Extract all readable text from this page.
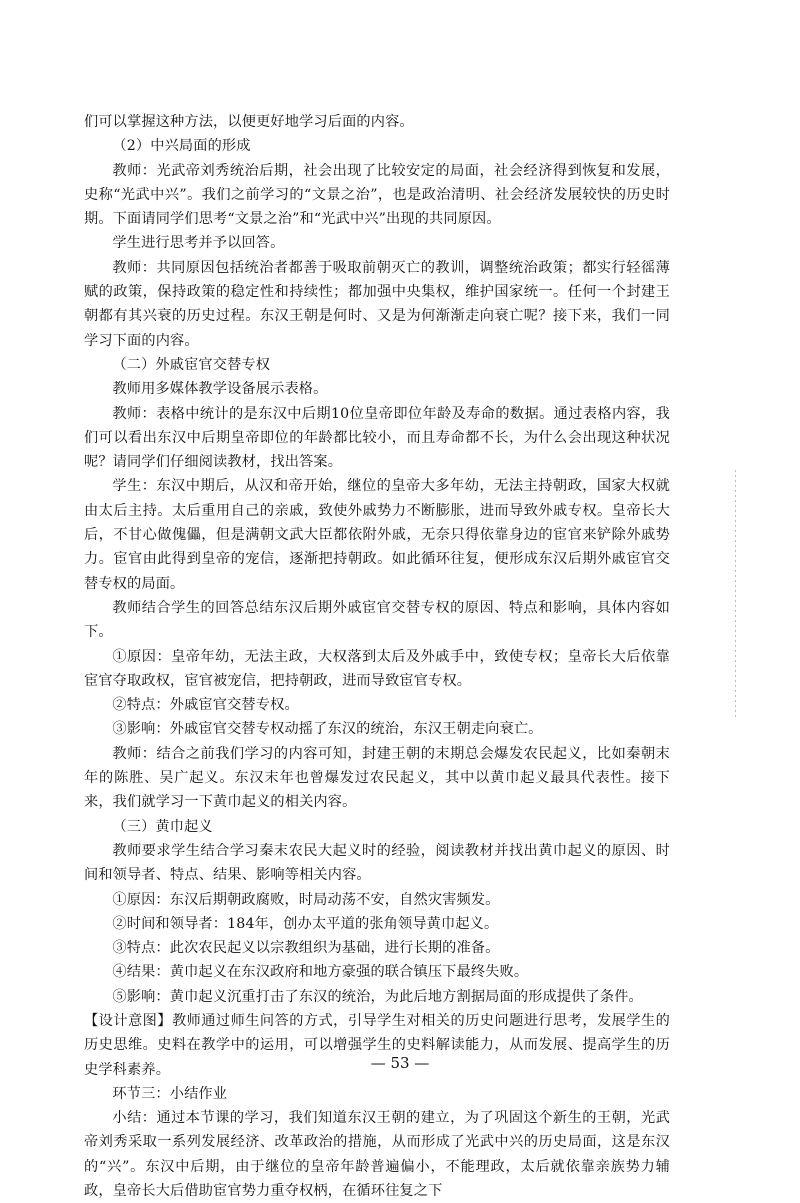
们可以掌握这种方法，以便更好地学习后面的内容。

（2）中兴局面的形成

教师：光武帝刘秀统治后期，社会出现了比较安定的局面，社会经济得到恢复和发展，史称“光武中兴”。我们之前学习的“文景之治”，也是政治清明、社会经济发展较快的历史时期。下面请同学们思考“文景之治”和“光武中兴”出现的共同原因。

学生进行思考并予以回答。

教师：共同原因包括统治者都善于吸取前朝灭亡的教训，调整统治政策；都实行轻徭薄赋的政策，保持政策的稳定性和持续性；都加强中央集权，维护国家统一。任何一个封建王朝都有其兴衰的历史过程。东汉王朝是何时、又是为何渐渐走向衰亡呢？接下来，我们一同学习下面的内容。

（二）外戚宦官交替专权

教师用多媒体教学设备展示表格。

教师：表格中统计的是东汉中后期10位皇帝即位年龄及寿命的数据。通过表格内容，我们可以看出东汉中后期皇帝即位的年龄都比较小，而且寿命都不长，为什么会出现这种状况呢？请同学们仔细阅读教材，找出答案。

学生：东汉中期后，从汉和帝开始，继位的皇帝大多年幼，无法主持朝政，国家大权就由太后主持。太后重用自己的亲戚，致使外戚势力不断膨胀，进而导致外戚专权。皇帝长大后，不甘心做傀儡，但是满朝文武大臣都依附外戚，无奈只得依靠身边的宦官来铲除外戚势力。宦官由此得到皇帝的宠信，逐渐把持朝政。如此循环往复，便形成东汉后期外戚宦官交替专权的局面。

教师结合学生的回答总结东汉后期外戚宦官交替专权的原因、特点和影响，具体内容如下。

①原因：皇帝年幼，无法主政，大权落到太后及外戚手中，致使专权；皇帝长大后依靠宦官夺取政权，宦官被宠信，把持朝政，进而导致宦官专权。

②特点：外戚宦官交替专权。

③影响：外戚宦官交替专权动摇了东汉的统治，东汉王朝走向衰亡。

教师：结合之前我们学习的内容可知，封建王朝的末期总会爆发农民起义，比如秦朝末年的陈胜、吴广起义。东汉末年也曾爆发过农民起义，其中以黄巾起义最具代表性。接下来，我们就学习一下黄巾起义的相关内容。

（三）黄巾起义

教师要求学生结合学习秦末农民大起义时的经验，阅读教材并找出黄巾起义的原因、时间和领导者、特点、结果、影响等相关内容。

①原因：东汉后期朝政腐败，时局动荡不安，自然灾害频发。

②时间和领导者：184年，创办太平道的张角领导黄巾起义。

③特点：此次农民起义以宗教组织为基础，进行长期的准备。

④结果：黄巾起义在东汉政府和地方豪强的联合镇压下最终失败。

⑤影响：黄巾起义沉重打击了东汉的统治，为此后地方割据局面的形成提供了条件。

【设计意图】教师通过师生问答的方式，引导学生对相关的历史问题进行思考，发展学生的历史思维。史料在教学中的运用，可以增强学生的史料解读能力，从而发展、提高学生的历史学科素养。

环节三：小结作业

小结：通过本节课的学习，我们知道东汉王朝的建立，为了巩固这个新生的王朝，光武帝刘秀采取一系列发展经济、改革政治的措施，从而形成了光武中兴的历史局面，这是东汉的“兴”。东汉中后期，由于继位的皇帝年龄普遍偏小，不能理政，太后就依靠亲族势力辅政，皇帝长大后借助宦官势力重夺权柄，在循环往复之下

— 53 —
